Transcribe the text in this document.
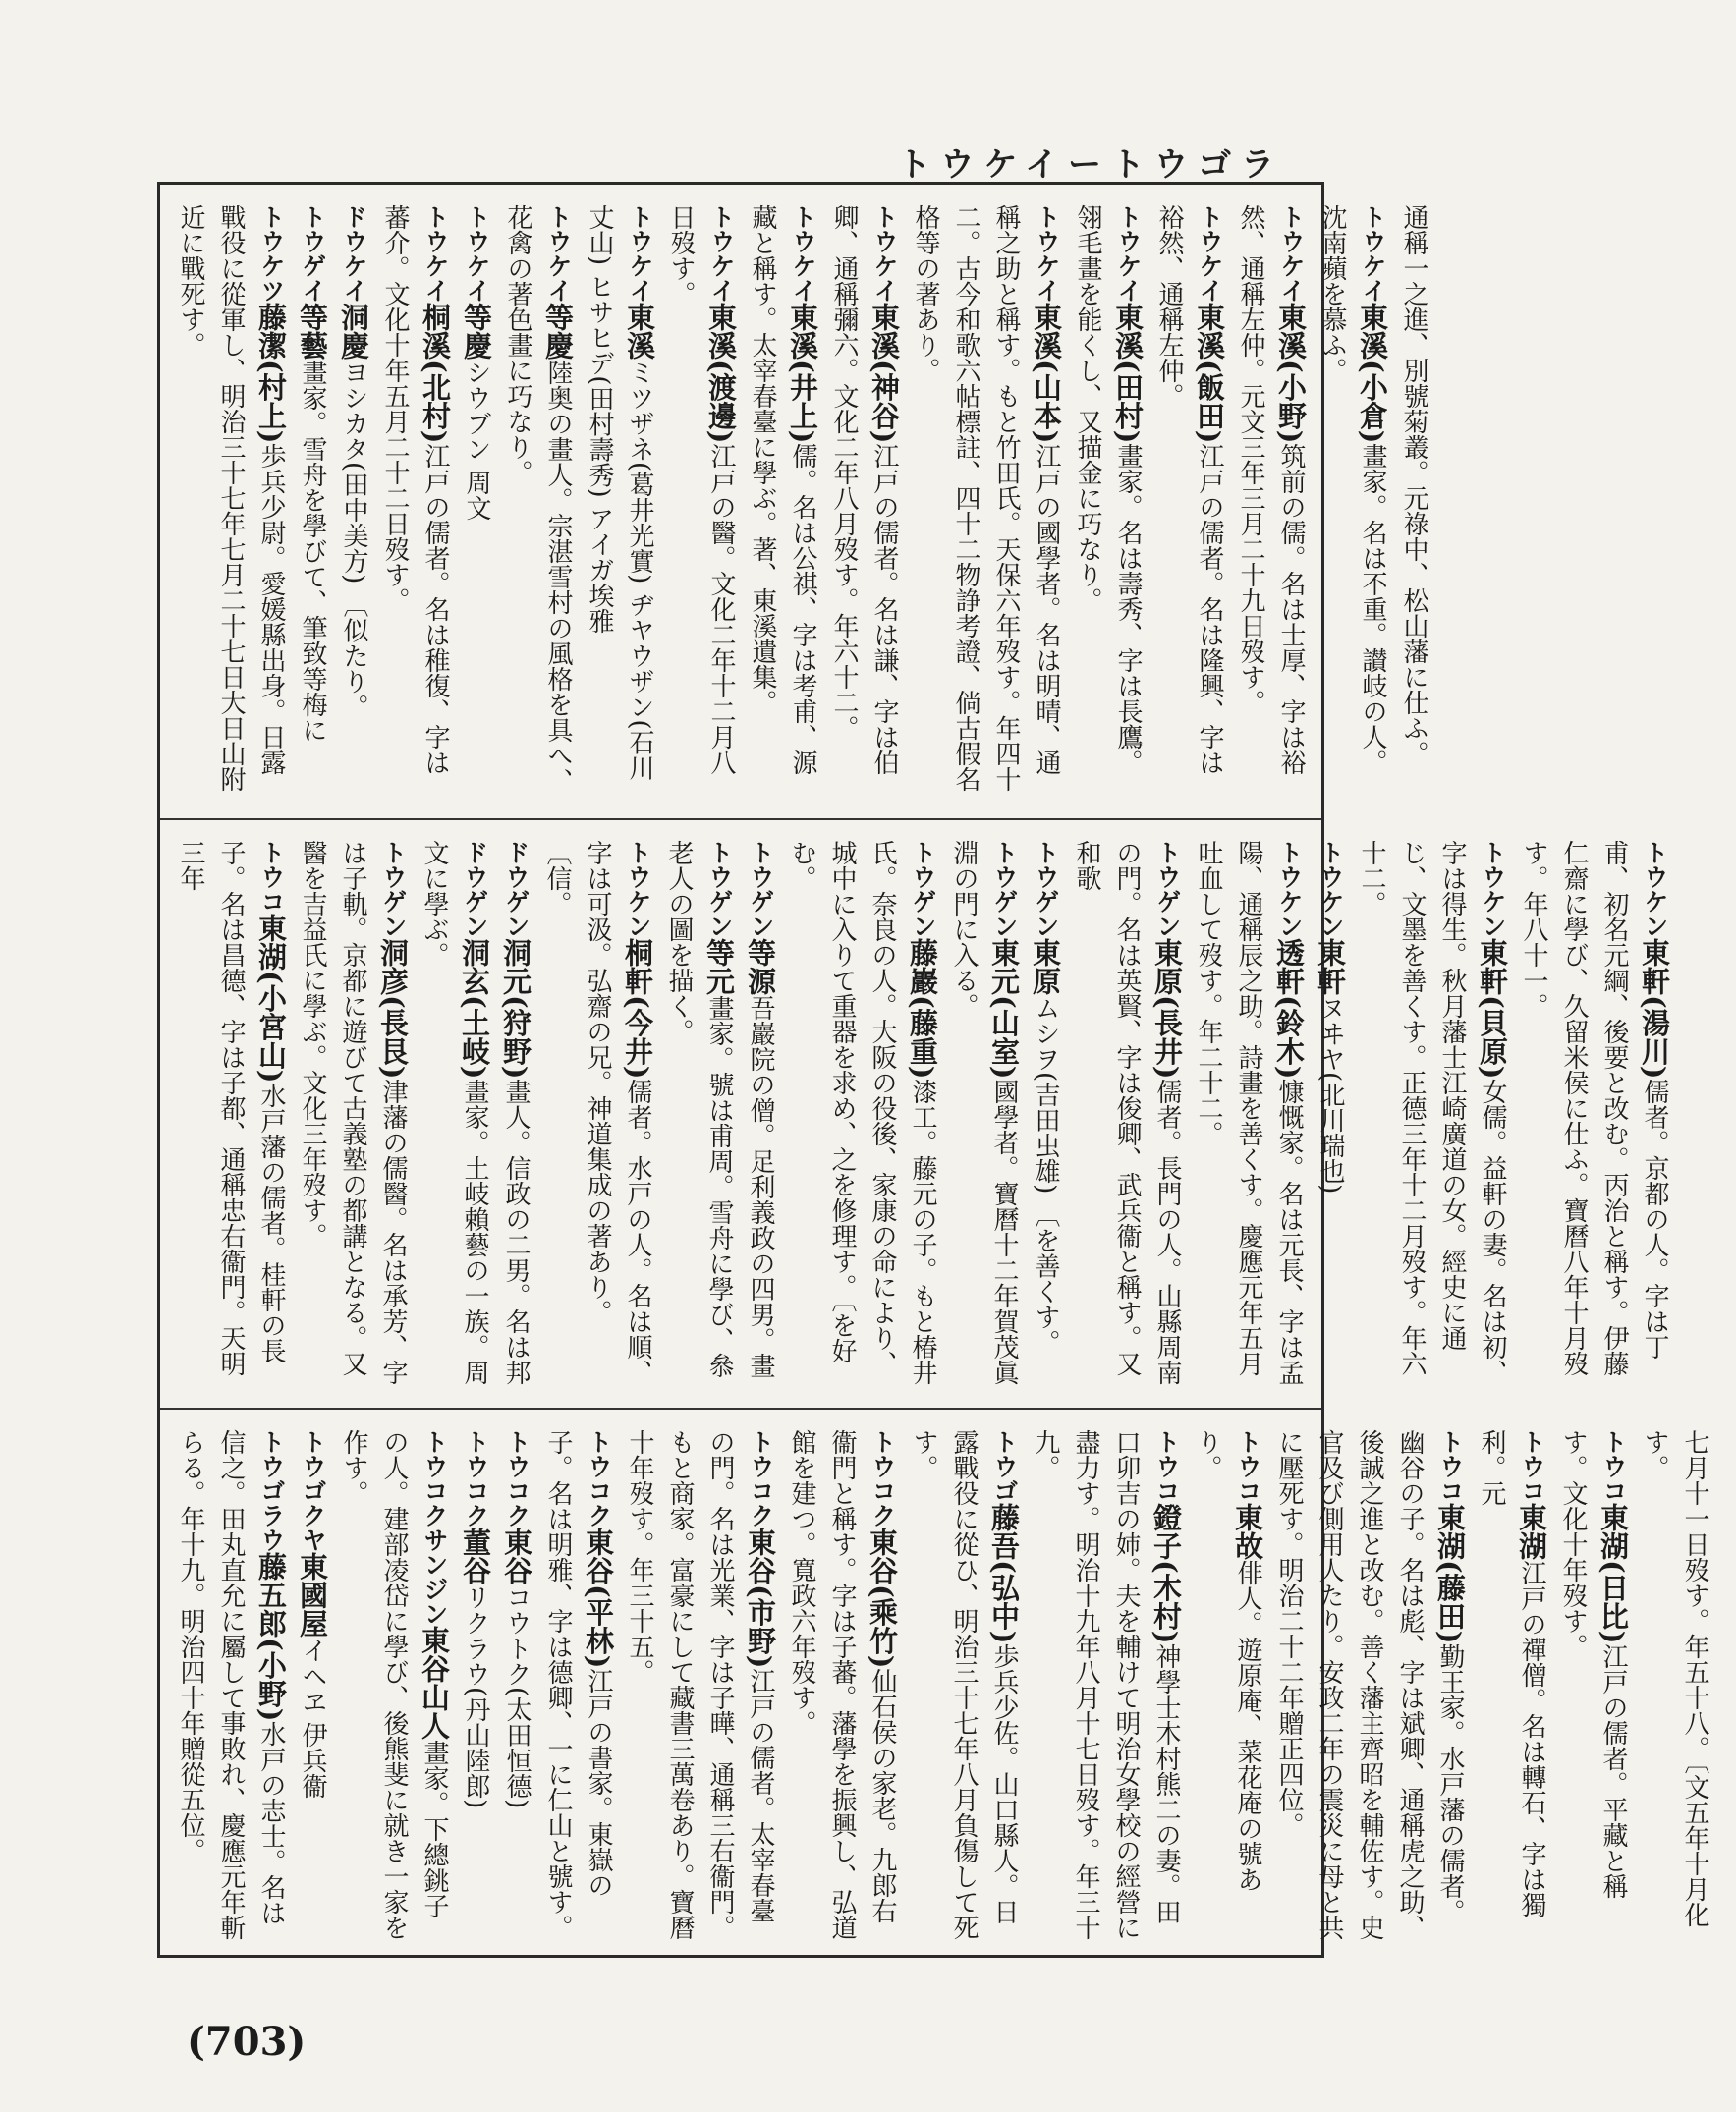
トウケイートウゴラ

通稱一之進、別號菊叢。元祿中、松山藩に仕ふ。

トウケイ東溪(小倉)畫家。名は不重。讃岐の人。沈南蘋を慕ふ。

トウケイ東溪(小野)筑前の儒。名は士厚、字は裕然、通稱左仲。元文三年三月二十九日歿す。

トウケイ東溪(飯田)江戸の儒者。名は隆興、字は裕然、通稱左仲。

トウケイ東溪(田村)畫家。名は壽秀、字は長鷹。翎毛畫を能くし、又描金に巧なり。

トウケイ東溪(山本)江戸の國學者。名は明晴、通稱之助と稱す。もと竹田氏。天保六年歿す。年四十二。古今和歌六帖標註、四十二物諍考證、倘古假名格等の著あり。

トウケイ東溪(神谷)江戸の儒者。名は謙、字は伯卿、通稱彌六。文化二年八月歿す。年六十二。

トウケイ東溪(井上)儒。名は公祺、字は考甫、源藏と稱す。太宰春臺に學ぶ。著、東溪遺集。

トウケイ東溪(渡邊)江戸の醫。文化二年十二月八日歿す。

トウケイ東溪ミツザネ(葛井光實) ヂヤウザン(石川丈山) ヒサヒデ(田村壽秀) アイガ埃雅

トウケイ等慶陸奥の畫人。宗湛雪村の風格を具へ、花禽の著色畫に巧なり。

トウケイ等慶シウブン 周文

トウケイ桐溪(北村)江戸の儒者。名は稚復、字は蕃介。文化十年五月二十二日歿す。

ドウケイ洞慶ヨシカタ(田中美方) 〔似たり。

トウゲイ等藝畫家。雪舟を學びて、筆致等梅に

トウケツ藤潔(村上)歩兵少尉。愛媛縣出身。日露戰役に從軍し、明治三十七年七月二十七日大日山附近に戰死す。

トウケン東軒(湯川)儒者。京都の人。字は丁甫、初名元綱、後要と改む。丙治と稱す。伊藤仁齋に學び、久留米侯に仕ふ。寶曆八年十月歿す。年八十一。

トウケン東軒(貝原)女儒。益軒の妻。名は初、字は得生。秋月藩士江崎廣道の女。經史に通じ、文墨を善くす。正德三年十二月歿す。年六十二。

トウケン東軒ヌヰヤ(北川瑞也)

トウケン透軒(鈴木)慷慨家。名は元長、字は孟陽、通稱辰之助。詩畫を善くす。慶應元年五月吐血して歿す。年二十二。

トウゲン東原(長井)儒者。長門の人。山縣周南の門。名は英賢、字は俊卿、武兵衞と稱す。又和歌

トウゲン東原ムシヲ(吉田虫雄) 〔を善くす。

トウゲン東元(山室)國學者。寶曆十二年賀茂眞淵の門に入る。

トウゲン藤巖(藤重)漆工。藤元の子。もと椿井氏。奈良の人。大阪の役後、家康の命により、城中に入りて重器を求め、之を修理す。〔を好む。

トウゲン等源吾巖院の僧。足利義政の四男。畫

トウゲン等元畫家。號は甫周。雪舟に學び、叅老人の圖を描く。

トウケン桐軒(今井)儒者。水戸の人。名は順、字は可汲。弘齋の兄。神道集成の著あり。〔信。

ドウゲン洞元(狩野)畫人。信政の二男。名は邦

ドウゲン洞玄(土岐)畫家。土岐賴藝の一族。周文に學ぶ。

トウゲン洞彦(長艮)津藩の儒醫。名は承芳、字は子軌。京都に遊びて古義塾の都講となる。又醫を吉益氏に學ぶ。文化三年歿す。

トウコ東湖(小宮山)水戸藩の儒者。桂軒の長子。名は昌德、字は子都、通稱忠右衞門。天明三年

七月十一日歿す。年五十八。〔文五年十月化す。

トウコ東湖(日比)江戸の儒者。平藏と稱す。文化十年歿す。

トウコ東湖江戸の禪僧。名は轉石、字は獨利。元

トウコ東湖(藤田)勤王家。水戸藩の儒者。幽谷の子。名は彪、字は斌卿、通稱虎之助、後誠之進と改む。善く藩主齊昭を輔佐す。史官及び側用人たり。安政二年の震災に母と共に壓死す。明治二十二年贈正四位。

トウコ東故俳人。遊原庵、菜花庵の號あり。

トウコ鐙子(木村)神學士木村熊二の妻。田口卯吉の姉。夫を輔けて明治女學校の經營に盡力す。明治十九年八月十七日歿す。年三十九。

トウゴ藤吾(弘中)歩兵少佐。山口縣人。日露戰役に從ひ、明治三十七年八月負傷して死す。

トウコク東谷(乘竹)仙石侯の家老。九郎右衞門と稱す。字は子蕃。藩學を振興し、弘道館を建つ。寬政六年歿す。

トウコク東谷(市野)江戸の儒者。太宰春臺の門。名は光業、字は子曄、通稱三右衞門。もと商家。富豪にして藏書三萬卷あり。寶曆十年歿す。年三十五。

トウコク東谷(平林)江戸の書家。東嶽の子。名は明雅、字は德卿、一に仁山と號す。

トウコク東谷コウトク(太田恒德)

トウコク董谷リクラウ(丹山陸郎)

トウコクサンジン東谷山人畫家。下總銚子の人。建部凌岱に學び、後熊斐に就き一家を作す。

トウゴクヤ東國屋イヘヱ 伊兵衞

トウゴラウ藤五郎(小野)水戸の志士。名は信之。田丸直允に屬して事敗れ、慶應元年斬らる。年十九。明治四十年贈從五位。

(703)
